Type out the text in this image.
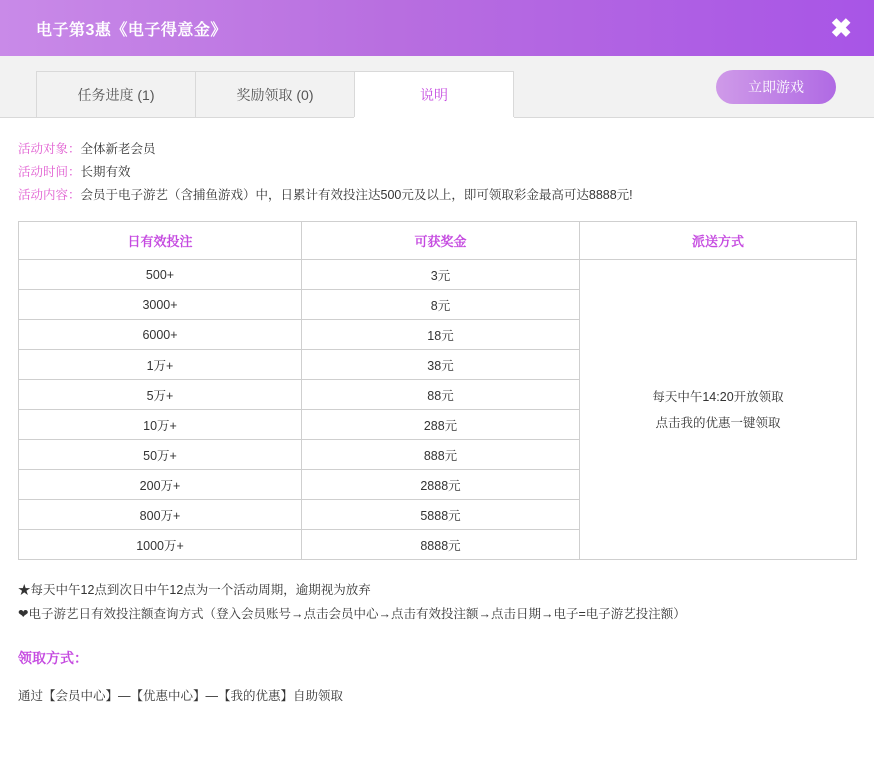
电子第3惠《电子得意金》	✖
任务进度 (1)	奖励领取 (0)	说明	立即游戏
活动对象：全体新老会员
活动时间：长期有效
活动内容：会员于电子游艺（含捕鱼游戏）中，日累计有效投注达500元及以上，即可领取彩金最高可达8888元!
日有效投注	可获奖金	派送方式
500+	3元	每天中午14:20开放领取
点击我的优惠一键领取

3000+	8元	
6000+	18元	
1万+	38元	
5万+	88元	
10万+	288元	
50万+	888元	
200万+	2888元	
800万+	5888元	
1000万+	8888元	
★每天中午12点到次日中午12点为一个活动周期，逾期视为放弃
❤电子游艺日有效投注额查询方式（登入会员账号→点击会员中心→点击有效投注额→点击日期→电子=电子游艺投注额）
领取方式：
通过【会员中心】—【优惠中心】—【我的优惠】自助领取
